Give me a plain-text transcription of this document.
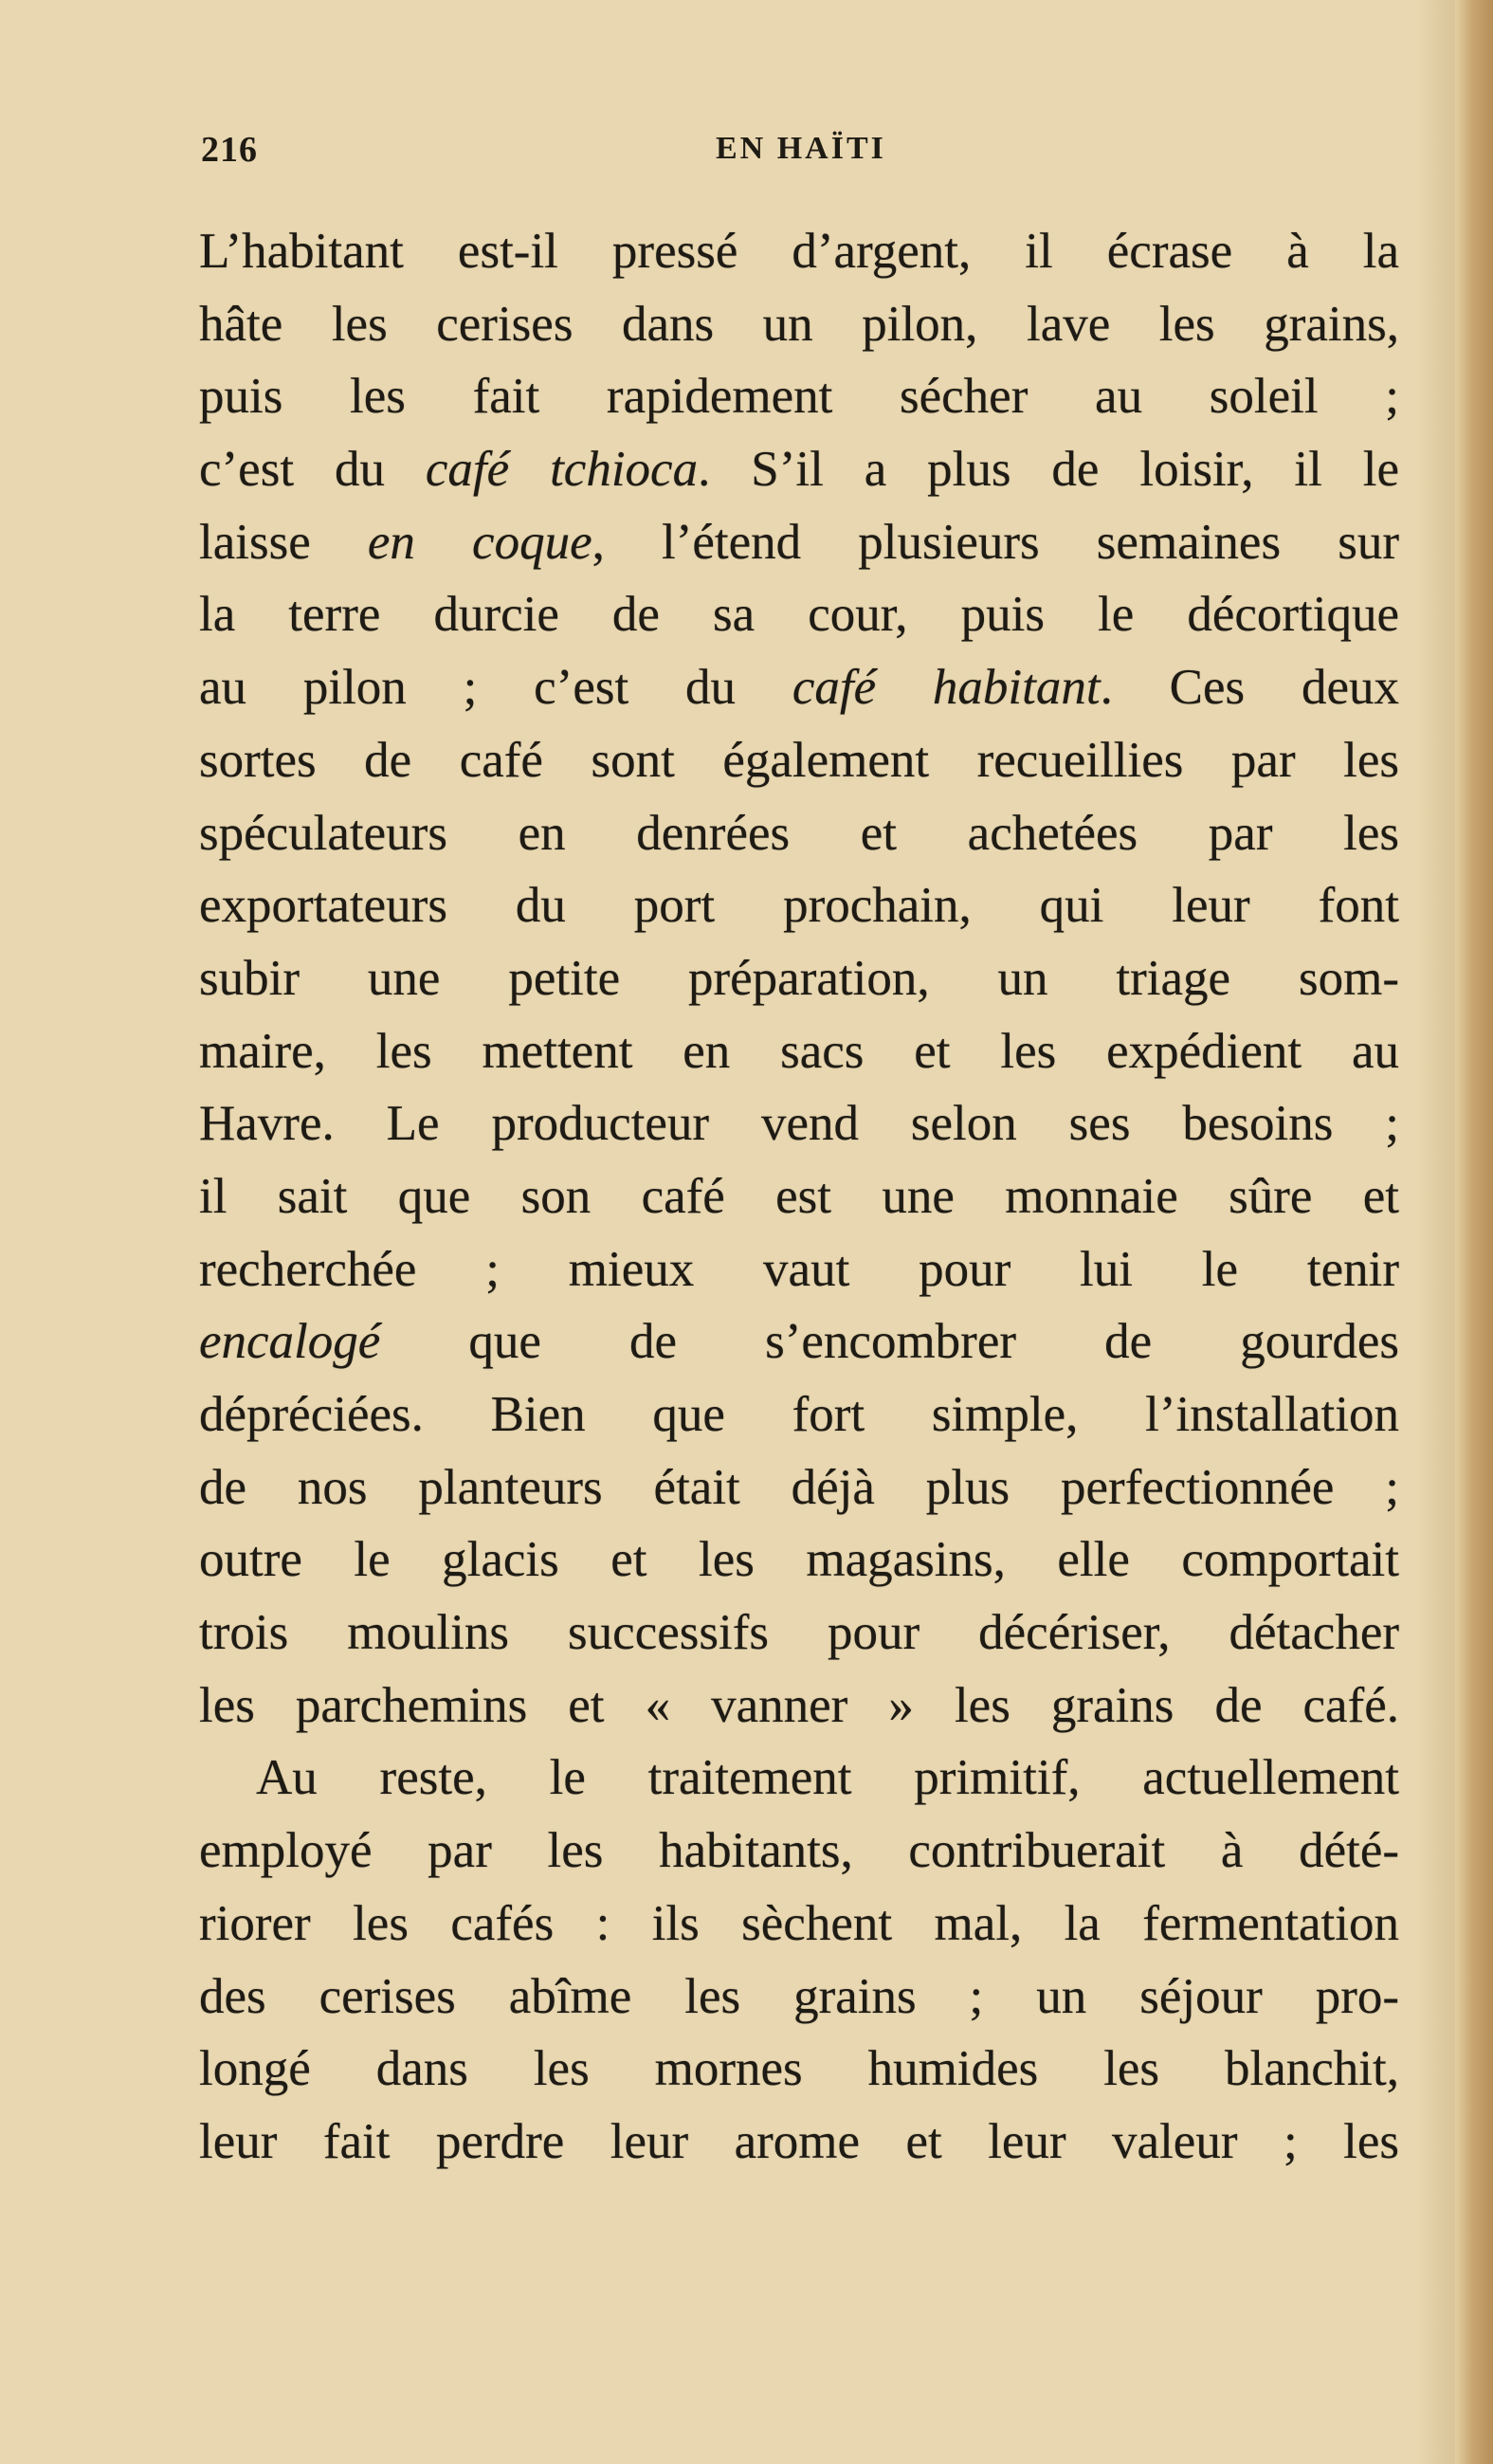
216	EN HAÏTI
L’habitant est-il pressé d’argent, il écrase à la
hâte les cerises dans un pilon, lave les grains,
puis les fait rapidement sécher au soleil ;
c’est du café tchioca. S’il a plus de loisir, il le
laisse en coque, l’étend plusieurs semaines sur
la terre durcie de sa cour, puis le décortique
au pilon ; c’est du café habitant. Ces deux
sortes de café sont également recueillies par les
spéculateurs en denrées et achetées par les
exportateurs du port prochain, qui leur font
subir une petite préparation, un triage som-
maire, les mettent en sacs et les expédient au
Havre. Le producteur vend selon ses besoins ;
il sait que son café est une monnaie sûre et
recherchée ; mieux vaut pour lui le tenir
encalogé que de s’encombrer de gourdes
dépréciées. Bien que fort simple, l’installation
de nos planteurs était déjà plus perfectionnée ;
outre le glacis et les magasins, elle comportait
trois moulins successifs pour décériser, détacher
les parchemins et « vanner » les grains de café.
Au reste, le traitement primitif, actuellement
employé par les habitants, contribuerait à dété-
riorer les cafés : ils sèchent mal, la fermentation
des cerises abîme les grains ; un séjour pro-
longé dans les mornes humides les blanchit,
leur fait perdre leur arome et leur valeur ; les
